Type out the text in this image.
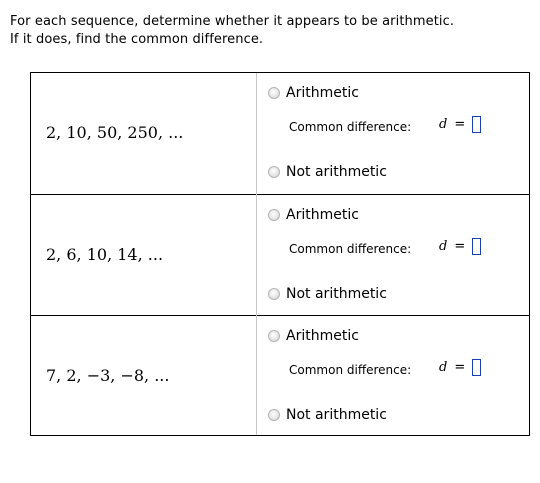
For each sequence, determine whether it appears to be arithmetic.
If it does, find the common difference.
2, 10, 50, 250, ...
Arithmetic
Common difference: d =
Not arithmetic
2, 6, 10, 14, ...
Arithmetic
Common difference: d =
Not arithmetic
7, 2, −3, −8, ...
Arithmetic
Common difference: d =
Not arithmetic
